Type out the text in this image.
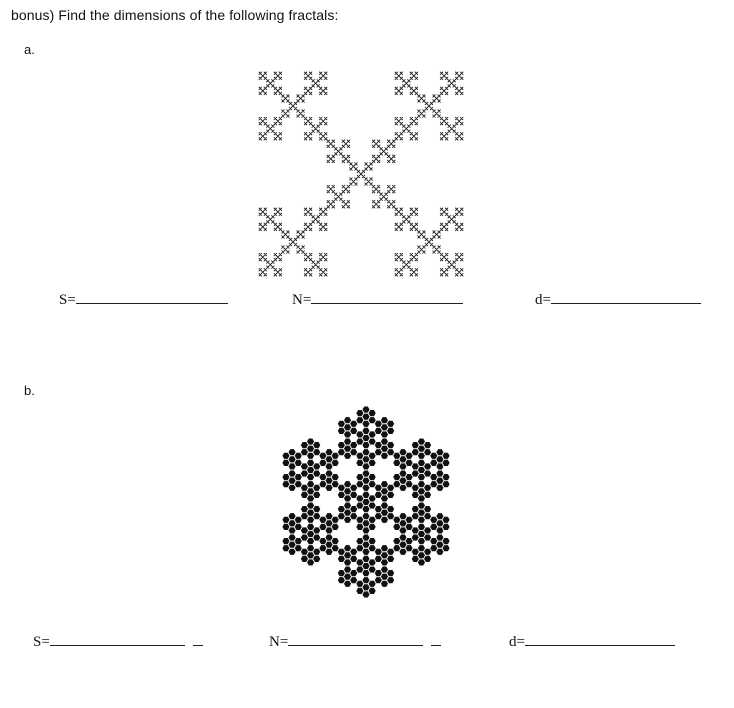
bonus) Find the dimensions of the following fractals:
a.
S=	N=	d=
b.
S=	N=	d=
